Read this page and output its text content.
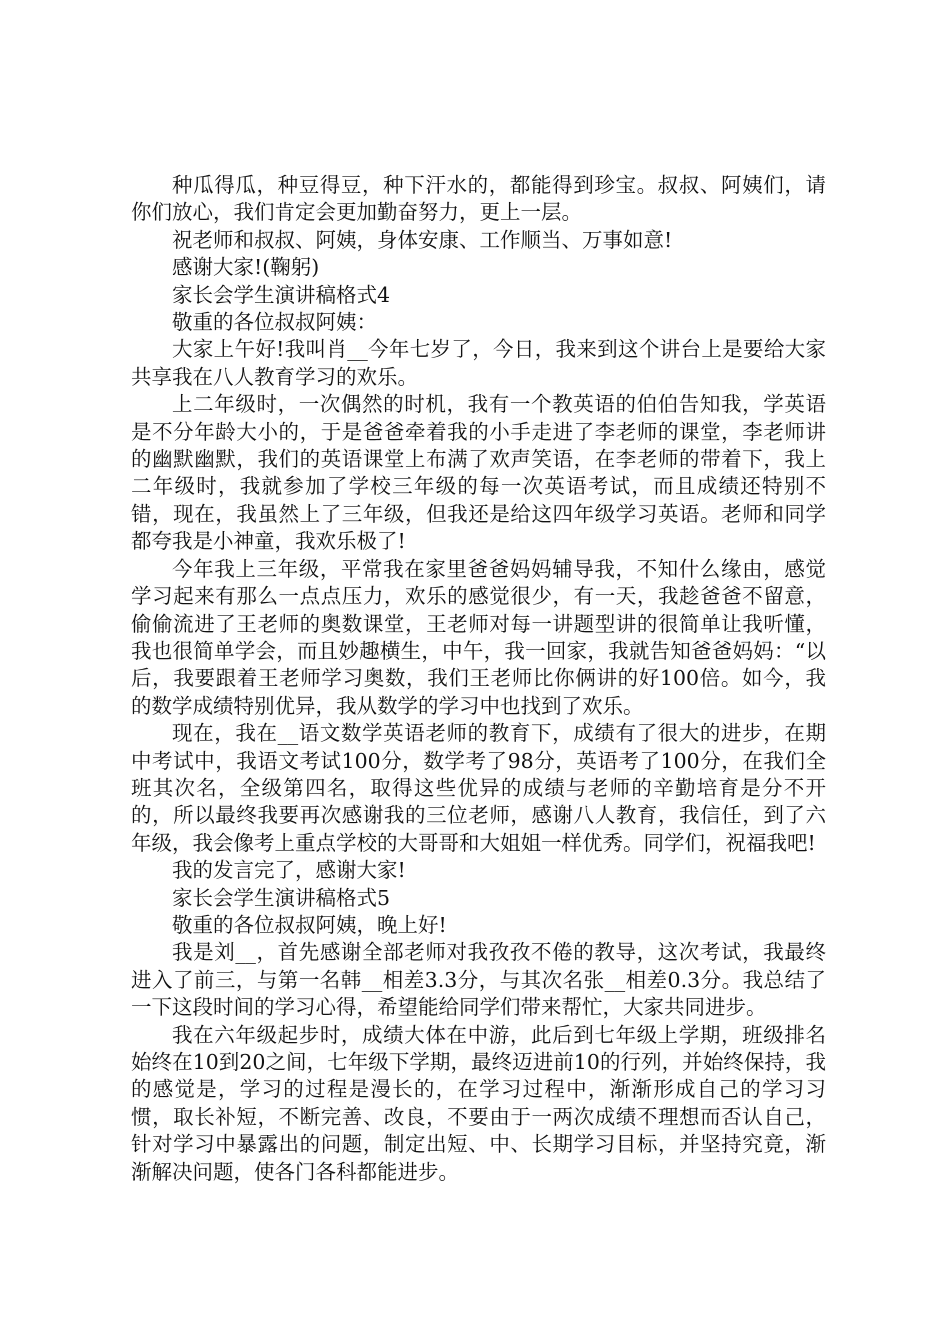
种瓜得瓜，种豆得豆，种下汗水的，都能得到珍宝。叔叔、阿姨们，请你们放心，我们肯定会更加勤奋努力，更上一层。

祝老师和叔叔、阿姨，身体安康、工作顺当、万事如意!

感谢大家!(鞠躬)

家长会学生演讲稿格式4

敬重的各位叔叔阿姨：

大家上午好!我叫肖__今年七岁了，今日，我来到这个讲台上是要给大家共享我在八人教育学习的欢乐。

上二年级时，一次偶然的时机，我有一个教英语的伯伯告知我，学英语是不分年龄大小的，于是爸爸牵着我的小手走进了李老师的课堂，李老师讲的幽默幽默，我们的英语课堂上布满了欢声笑语，在李老师的带着下，我上二年级时，我就参加了学校三年级的每一次英语考试，而且成绩还特别不错，现在，我虽然上了三年级，但我还是给这四年级学习英语。老师和同学都夸我是小神童，我欢乐极了!

今年我上三年级，平常我在家里爸爸妈妈辅导我，不知什么缘由，感觉学习起来有那么一点点压力，欢乐的感觉很少，有一天，我趁爸爸不留意，偷偷流进了王老师的奥数课堂，王老师对每一讲题型讲的很简单让我听懂，我也很简单学会，而且妙趣横生，中午，我一回家，我就告知爸爸妈妈：“以后，我要跟着王老师学习奥数，我们王老师比你俩讲的好100倍。如今，我的数学成绩特别优异，我从数学的学习中也找到了欢乐。

现在，我在__语文数学英语老师的教育下，成绩有了很大的进步，在期中考试中，我语文考试100分，数学考了98分，英语考了100分，在我们全班其次名，全级第四名，取得这些优异的成绩与老师的辛勤培育是分不开的，所以最终我要再次感谢我的三位老师，感谢八人教育，我信任，到了六年级，我会像考上重点学校的大哥哥和大姐姐一样优秀。同学们，祝福我吧!

我的发言完了，感谢大家!

家长会学生演讲稿格式5

敬重的各位叔叔阿姨，晚上好!

我是刘__，首先感谢全部老师对我孜孜不倦的教导，这次考试，我最终进入了前三，与第一名韩__相差3.3分，与其次名张__相差0.3分。我总结了一下这段时间的学习心得，希望能给同学们带来帮忙，大家共同进步。

我在六年级起步时，成绩大体在中游，此后到七年级上学期，班级排名始终在10到20之间，七年级下学期，最终迈进前10的行列，并始终保持，我的感觉是，学习的过程是漫长的，在学习过程中，渐渐形成自己的学习习惯，取长补短，不断完善、改良，不要由于一两次成绩不理想而否认自己，针对学习中暴露出的问题，制定出短、中、长期学习目标，并坚持究竟，渐渐解决问题，使各门各科都能进步。
